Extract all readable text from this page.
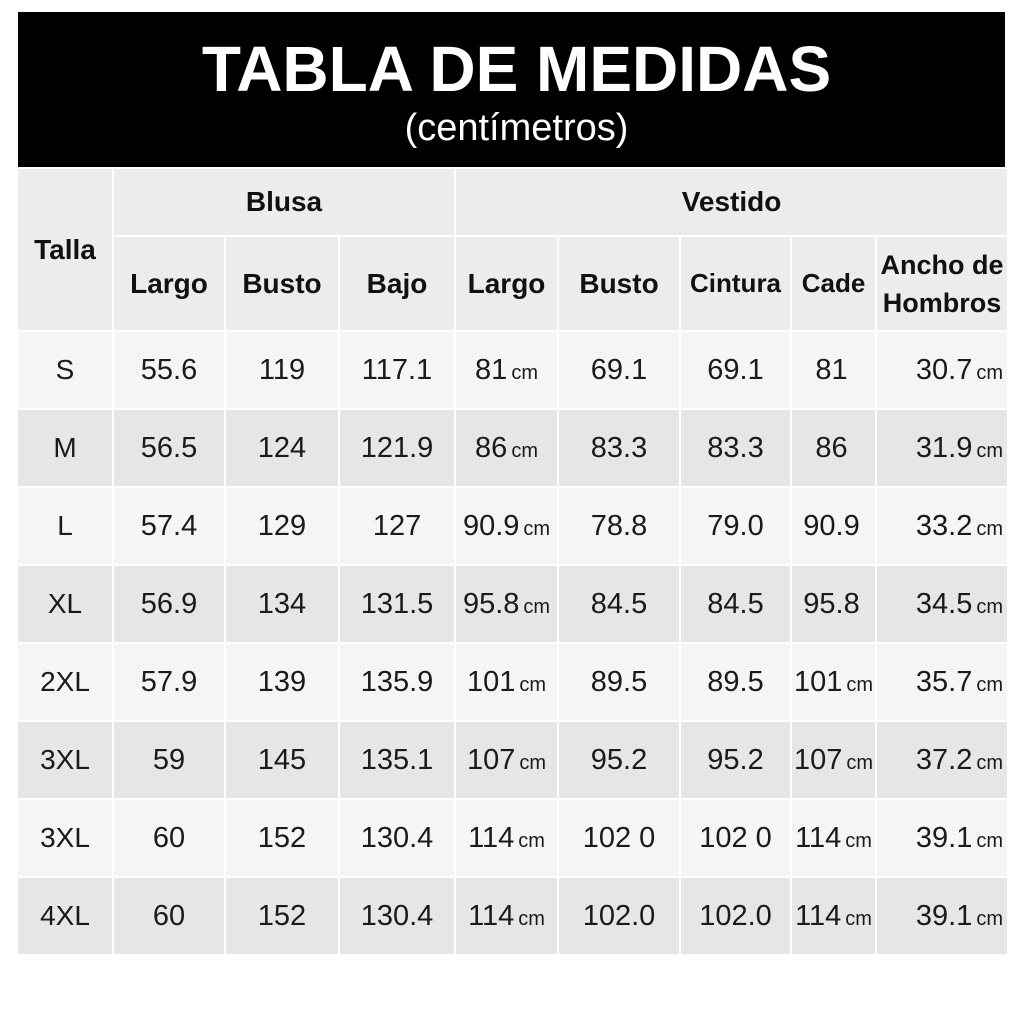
TABLA DE MEDIDAS
(centímetros)
Talla	Blusa			Vestido				
	Largo	Busto	Bajo	Largo	Busto	Cintura	Cade	Ancho de
Hombros
S	55.6	119	117.1	81 cm	69.1	69.1	81	30.7 cm
M	56.5	124	121.9	86 cm	83.3	83.3	86	31.9 cm
L	57.4	129	127	90.9 cm	78.8	79.0	90.9	33.2 cm
XL	56.9	134	131.5	95.8 cm	84.5	84.5	95.8	34.5 cm
2XL	57.9	139	135.9	101 cm	89.5	89.5	101 cm	35.7 cm
3XL	59	145	135.1	107 cm	95.2	95.2	107 cm	37.2 cm
3XL	60	152	130.4	114 cm	102 0	102 0	114 cm	39.1 cm
4XL	60	152	130.4	114 cm	102.0	102.0	114 cm	39.1 cm
